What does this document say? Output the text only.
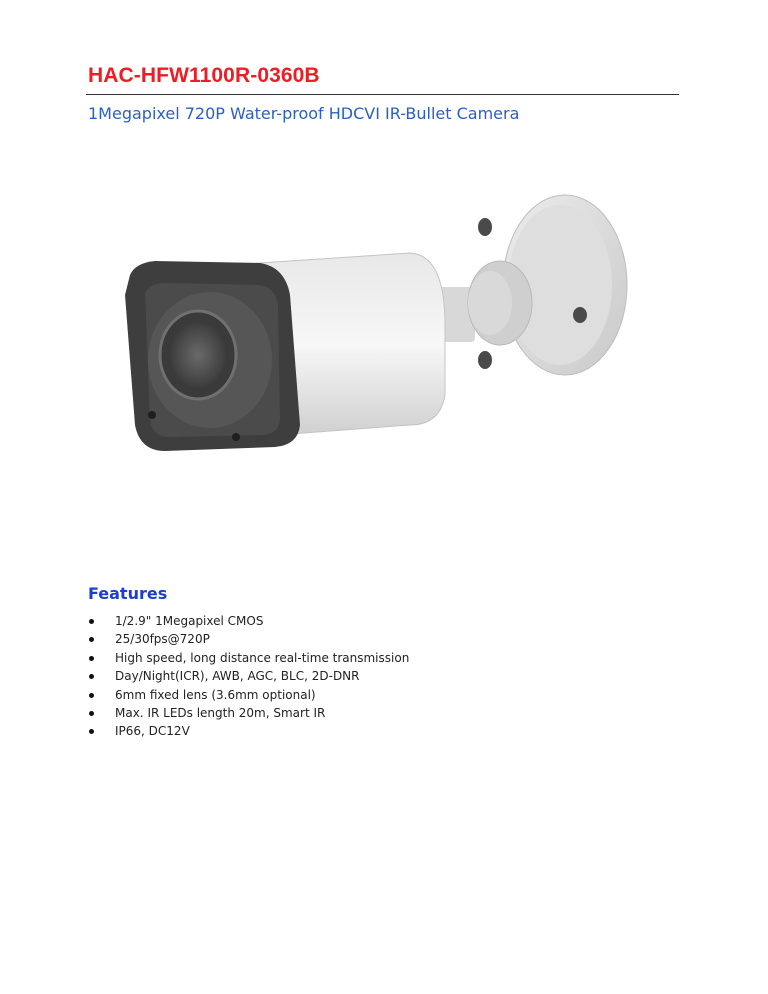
HAC-HFW1100R-0360B
1Megapixel 720P Water-proof HDCVI IR-Bullet Camera
Features
1/2.9" 1Megapixel CMOS
25/30fps@720P
High speed, long distance real-time transmission
Day/Night(ICR), AWB, AGC, BLC, 2D-DNR
6mm fixed lens (3.6mm optional)
Max. IR LEDs length 20m, Smart IR
IP66, DC12V
